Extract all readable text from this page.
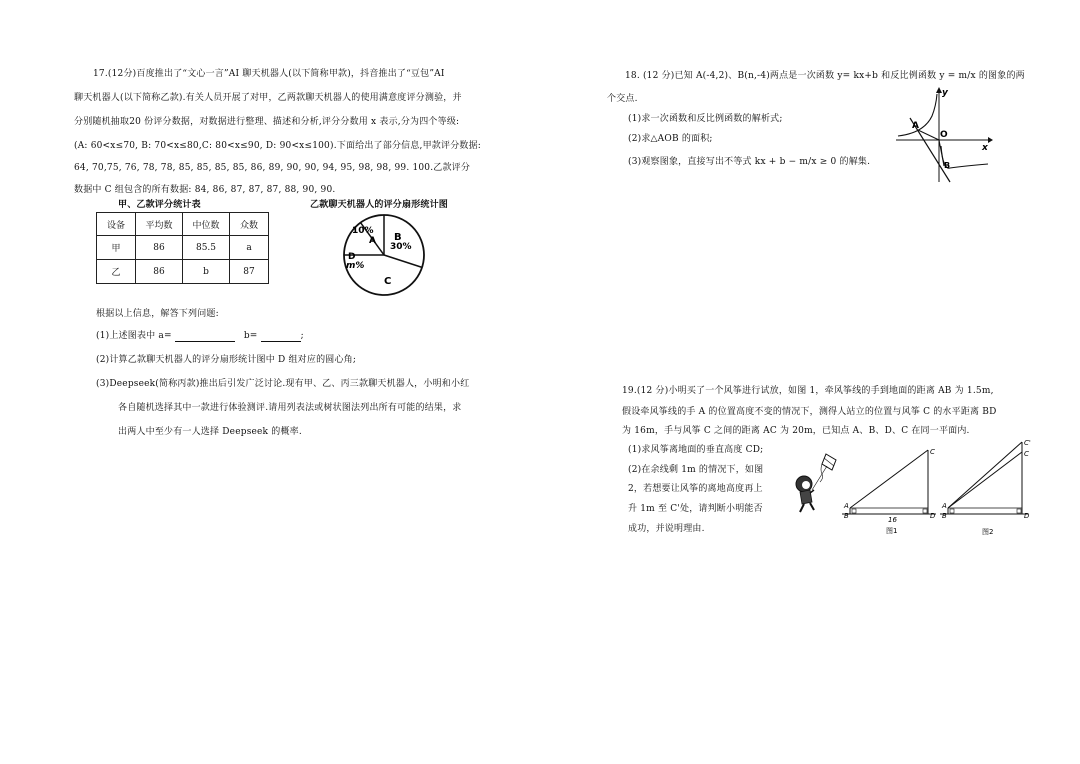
17.(12分)百度推出了“文心一言”AI 聊天机器人(以下简称甲款)，抖音推出了“豆包”AI
聊天机器人(以下简称乙款).有关人员开展了对甲，乙两款聊天机器人的使用满意度评分测验，并
分别随机抽取20 份评分数据，对数据进行整理、描述和分析,评分分数用 x 表示,分为四个等级:
(A: 60<x≤70, B: 70<x≤80,C: 80<x≤90, D: 90<x≤100).下面给出了部分信息,甲款评分数据:
64, 70,75, 76, 78, 78, 85, 85, 85, 85, 86, 89, 90, 90, 94, 95, 98, 98, 99. 100.乙款评分
数据中 C 组包含的所有数据: 84, 86, 87, 87, 87, 88, 90, 90.
甲、乙款评分统计表	乙款聊天机器人的评分扇形统计图
设备	平均数	中位数	众数
甲	86	85.5	a
乙	86	b	87
10%
A B
30%
C
D
m%
根据以上信息，解答下列问题:
(1)上述图表中 a=	b=	;
(2)计算乙款聊天机器人的评分扇形统计图中 D 组对应的圆心角;
(3)Deepseek(简称丙款)推出后引发广泛讨论.现有甲、乙、丙三款聊天机器人，小明和小红
各自随机选择其中一款进行体验测评.请用列表法或树状图法列出所有可能的结果，求
出两人中至少有一人选择 Deepseek 的概率.
18. (12 分)已知 A(-4,2)、B(n,-4)两点是一次函数 y= kx+b 和反比例函数 y = m/x 的图象的两
个交点.
(1)求一次函数和反比例函数的解析式;
(2)求△AOB 的面积;
(3)观察图象，直接写出不等式 kx + b − m/x ≥ 0 的解集.
y
x
O
A
B
19.(12 分)小明买了一个风筝进行试放，如图 1，牵风筝线的手到地面的距离 AB 为 1.5m,
假设牵风筝线的手 A 的位置高度不变的情况下，测得人站立的位置与风筝 C 的水平距离 BD
为 16m，手与风筝 C 之间的距离 AC 为 20m，已知点 A、B、D、C 在同一平面内.
(1)求风筝离地面的垂直高度 CD;
(2)在余线剩 1m 的情况下，如图
2，若想要让风筝的离地高度再上
升 1m 至 C'处，请判断小明能否
成功，并说明理由.
A
B
C
D
16
图1
A
B
C'
C
D
图2
